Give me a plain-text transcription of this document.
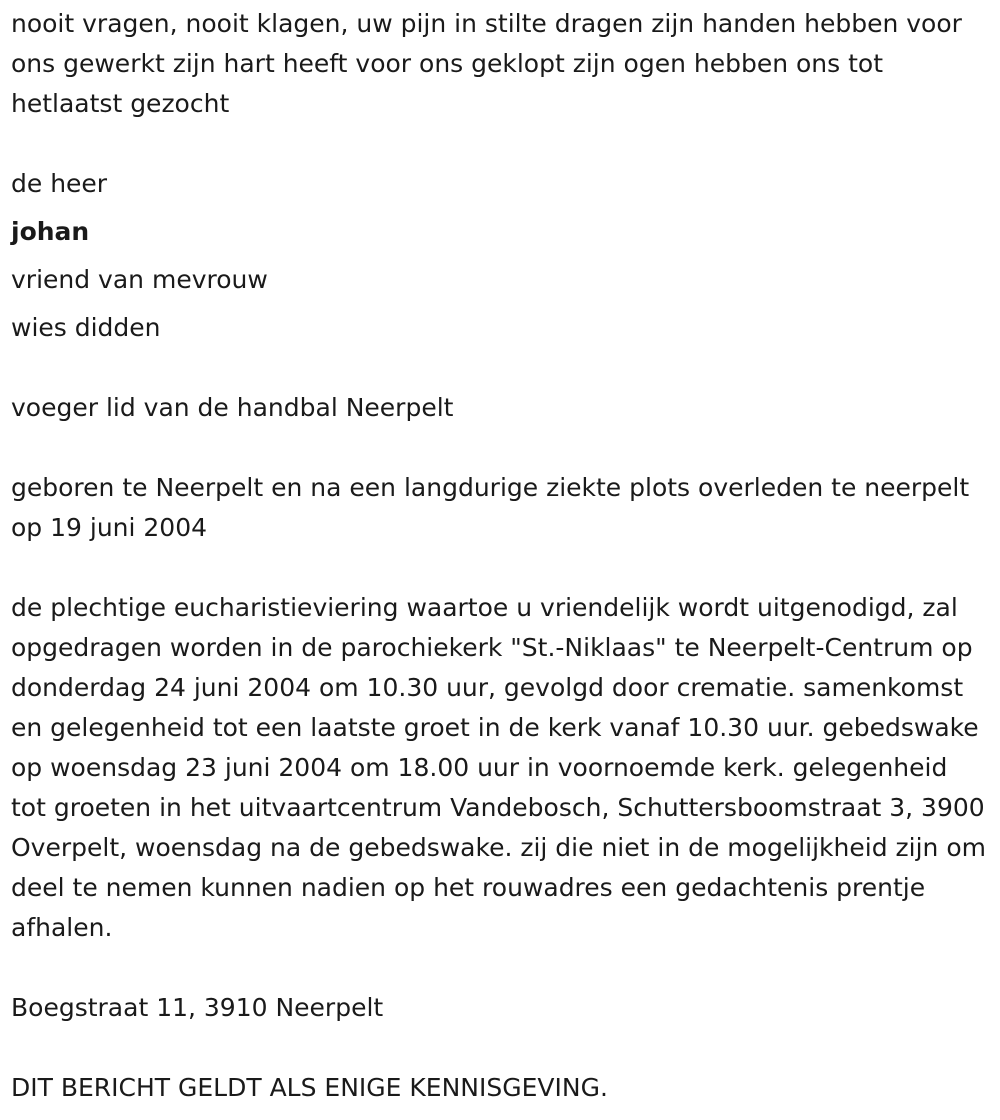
nooit vragen, nooit klagen, uw pijn in stilte dragen zijn handen hebben voor ons gewerkt zijn hart heeft voor ons geklopt zijn ogen hebben ons tot hetlaatst gezocht

de heer

johan

vriend van mevrouw

wies didden

voeger lid van de handbal Neerpelt

geboren te Neerpelt en na een langdurige ziekte plots overleden te neerpelt op 19 juni 2004

de plechtige eucharistieviering waartoe u vriendelijk wordt uitgenodigd, zal opgedragen worden in de parochiekerk "St.-Niklaas" te Neerpelt-Centrum op donderdag 24 juni 2004 om 10.30 uur, gevolgd door crematie. samenkomst en gelegenheid tot een laatste groet in de kerk vanaf 10.30 uur. gebedswake op woensdag 23 juni 2004 om 18.00 uur in voornoemde kerk. gelegenheid tot groeten in het uitvaartcentrum Vandebosch, Schuttersboomstraat 3, 3900 Overpelt, woensdag na de gebedswake. zij die niet in de mogelijkheid zijn om deel te nemen kunnen nadien op het rouwadres een gedachtenis prentje afhalen.

Boegstraat 11, 3910 Neerpelt

DIT BERICHT GELDT ALS ENIGE KENNISGEVING.
